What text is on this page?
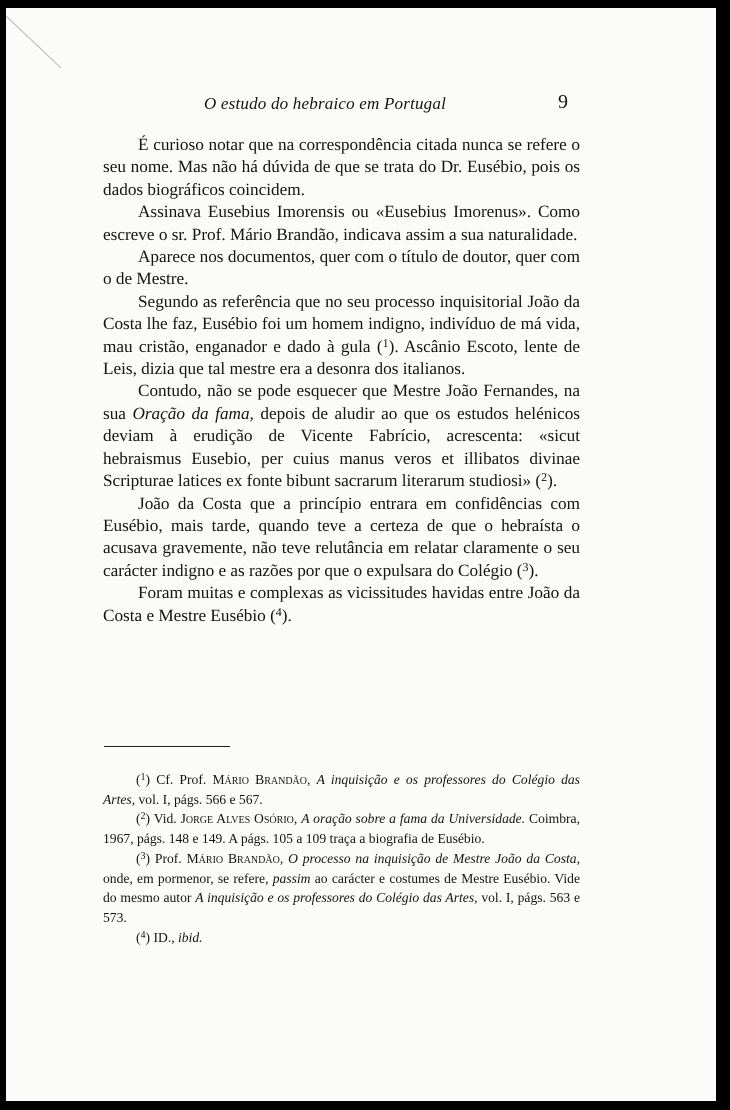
O estudo do hebraico em Portugal	9

É curioso notar que na correspondência citada nunca se refere o seu nome. Mas não há dúvida de que se trata do Dr. Eusébio, pois os dados biográficos coincidem.

Assinava Eusebius Imorensis ou «Eusebius Imorenus». Como escreve o sr. Prof. Mário Brandão, indicava assim a sua naturalidade.

Aparece nos documentos, quer com o título de doutor, quer com o de Mestre.

Segundo as referência que no seu processo inquisitorial João da Costa lhe faz, Eusébio foi um homem indigno, indivíduo de má vida, mau cristão, enganador e dado à gula ($^1$). Ascânio Escoto, lente de Leis, dizia que tal mestre era a desonra dos italianos.

Contudo, não se pode esquecer que Mestre João Fernandes, na sua Oração da fama, depois de aludir ao que os estudos helénicos deviam à erudição de Vicente Fabrício, acrescenta: «sicut hebraismus Eusebio, per cuius manus veros et illibatos divinae Scripturae latices ex fonte bibunt sacrarum literarum studiosi» ($^2$).

João da Costa que a princípio entrara em confidências com Eusébio, mais tarde, quando teve a certeza de que o hebraísta o acusava gravemente, não teve relutância em relatar claramente o seu carácter indigno e as razões por que o expulsara do Colégio ($^3$).

Foram muitas e complexas as vicissitudes havidas entre João da Costa e Mestre Eusébio ($^4$).

($^1$) Cf. Prof. Mário Brandão, A inquisição e os professores do Colégio das Artes, vol. I, págs. 566 e 567.

($^2$) Vid. Jorge Alves Osório, A oração sobre a fama da Universidade. Coimbra, 1967, págs. 148 e 149. A págs. 105 a 109 traça a biografia de Eusébio.

($^3$) Prof. Mário Brandão, O processo na inquisição de Mestre João da Costa, onde, em pormenor, se refere, passim ao carácter e costumes de Mestre Eusébio. Vide do mesmo autor A inquisição e os professores do Colégio das Artes, vol. I, págs. 563 e 573.

($^4$) ID., ibid.
